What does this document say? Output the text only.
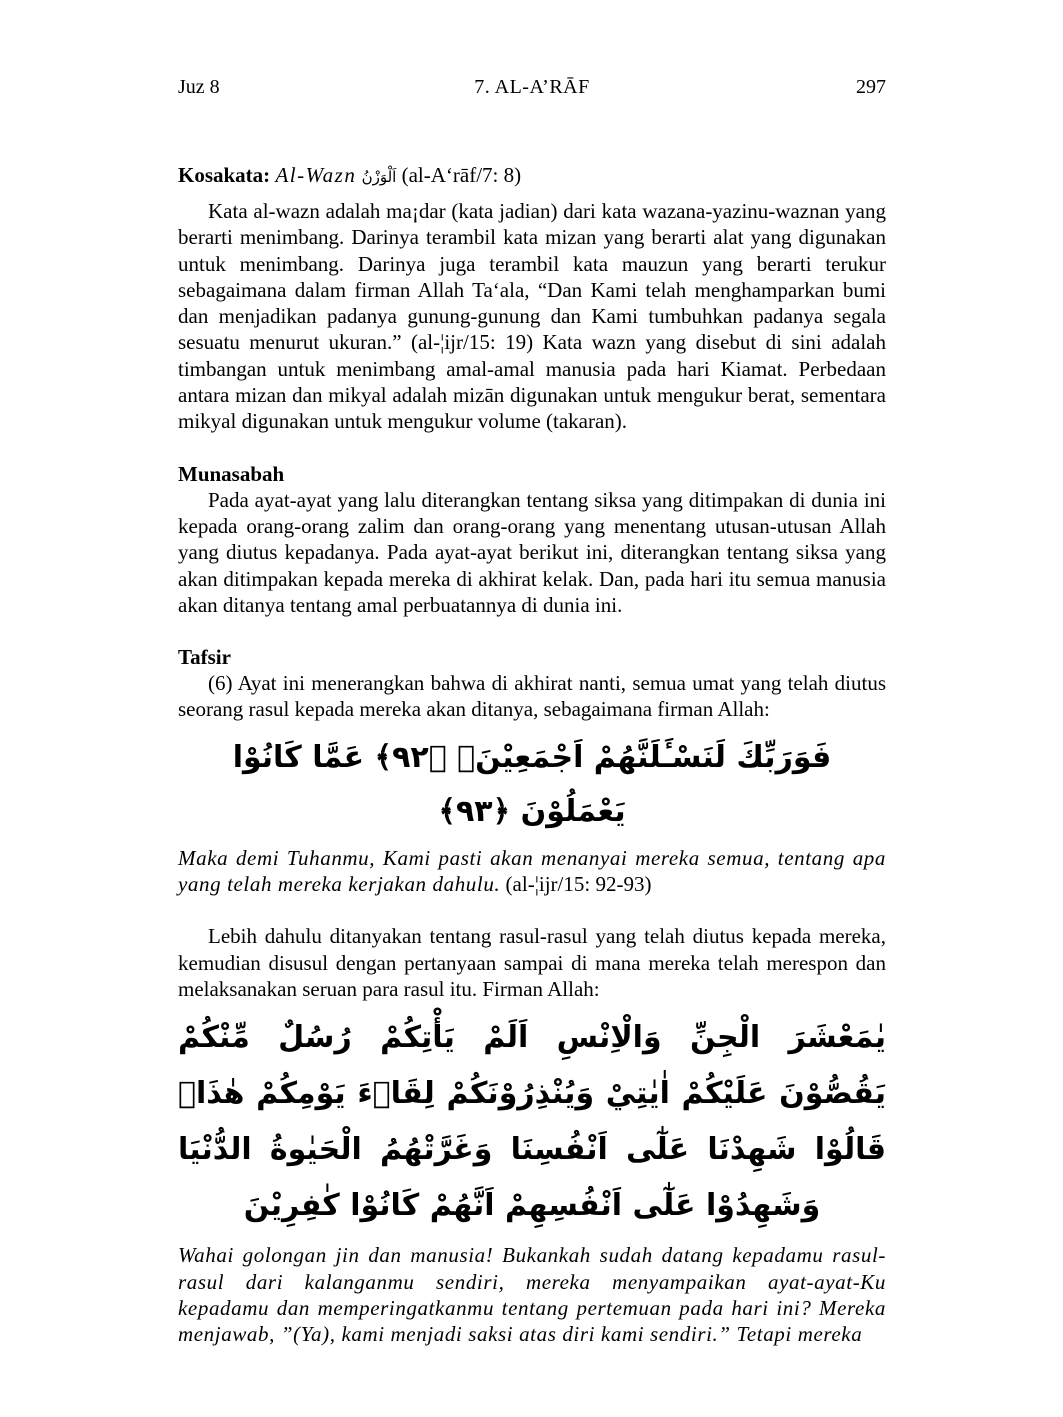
Juz 8	7. AL-A’RĀF	297
Kosakata: Al-Wazn اَلْوَزْنُ (al-A‘rāf/7: 8)

Kata al-wazn adalah ma¡dar (kata jadian) dari kata wazana-yazinu-waznan yang berarti menimbang. Darinya terambil kata mizan yang berarti alat yang digunakan untuk menimbang. Darinya juga terambil kata mauzun yang berarti terukur sebagaimana dalam firman Allah Ta‘ala, “Dan Kami telah menghamparkan bumi dan menjadikan padanya gunung-gunung dan Kami tumbuhkan padanya segala sesuatu menurut ukuran.” (al-¦ijr/15: 19) Kata wazn yang disebut di sini adalah timbangan untuk menimbang amal-amal manusia pada hari Kiamat. Perbedaan antara mizan dan mikyal adalah mizān digunakan untuk mengukur berat, sementara mikyal digunakan untuk mengukur volume (takaran).

Munasabah

Pada ayat-ayat yang lalu diterangkan tentang siksa yang ditimpakan di dunia ini kepada orang-orang zalim dan orang-orang yang menentang utusan-utusan Allah yang diutus kepadanya. Pada ayat-ayat berikut ini, diterangkan tentang siksa yang akan ditimpakan kepada mereka di akhirat kelak. Dan, pada hari itu semua manusia akan ditanya tentang amal perbuatannya di dunia ini.

Tafsir

(6) Ayat ini menerangkan bahwa di akhirat nanti, semua umat yang telah diutus seorang rasul kepada mereka akan ditanya, sebagaimana firman Allah:

فَوَرَبِّكَ لَنَسْـَٔلَنَّهُمْ اَجْمَعِيْنَۙ ﴿٩٢﴾ عَمَّا كَانُوْا يَعْمَلُوْنَ ﴿٩٣﴾

Maka demi Tuhanmu, Kami pasti akan menanyai mereka semua, tentang apa yang telah mereka kerjakan dahulu. (al-¦ijr/15: 92-93)

Lebih dahulu ditanyakan tentang rasul-rasul yang telah diutus kepada mereka, kemudian disusul dengan pertanyaan sampai di mana mereka telah merespon dan melaksanakan seruan para rasul itu. Firman Allah:

يٰمَعْشَرَ الْجِنِّ وَالْاِنْسِ اَلَمْ يَأْتِكُمْ رُسُلٌ مِّنْكُمْ يَقُصُّوْنَ عَلَيْكُمْ اٰيٰتِيْ وَيُنْذِرُوْنَكُمْ لِقَاۤءَ يَوْمِكُمْ هٰذَاۗ قَالُوْا شَهِدْنَا عَلٰٓى اَنْفُسِنَا وَغَرَّتْهُمُ الْحَيٰوةُ الدُّنْيَا وَشَهِدُوْا عَلٰٓى اَنْفُسِهِمْ اَنَّهُمْ كَانُوْا كٰفِرِيْنَ

Wahai golongan jin dan manusia! Bukankah sudah datang kepadamu rasul-rasul dari kalanganmu sendiri, mereka menyampaikan ayat-ayat-Ku kepadamu dan memperingatkanmu tentang pertemuan pada hari ini? Mereka menjawab, ”(Ya), kami menjadi saksi atas diri kami sendiri.” Tetapi mereka
